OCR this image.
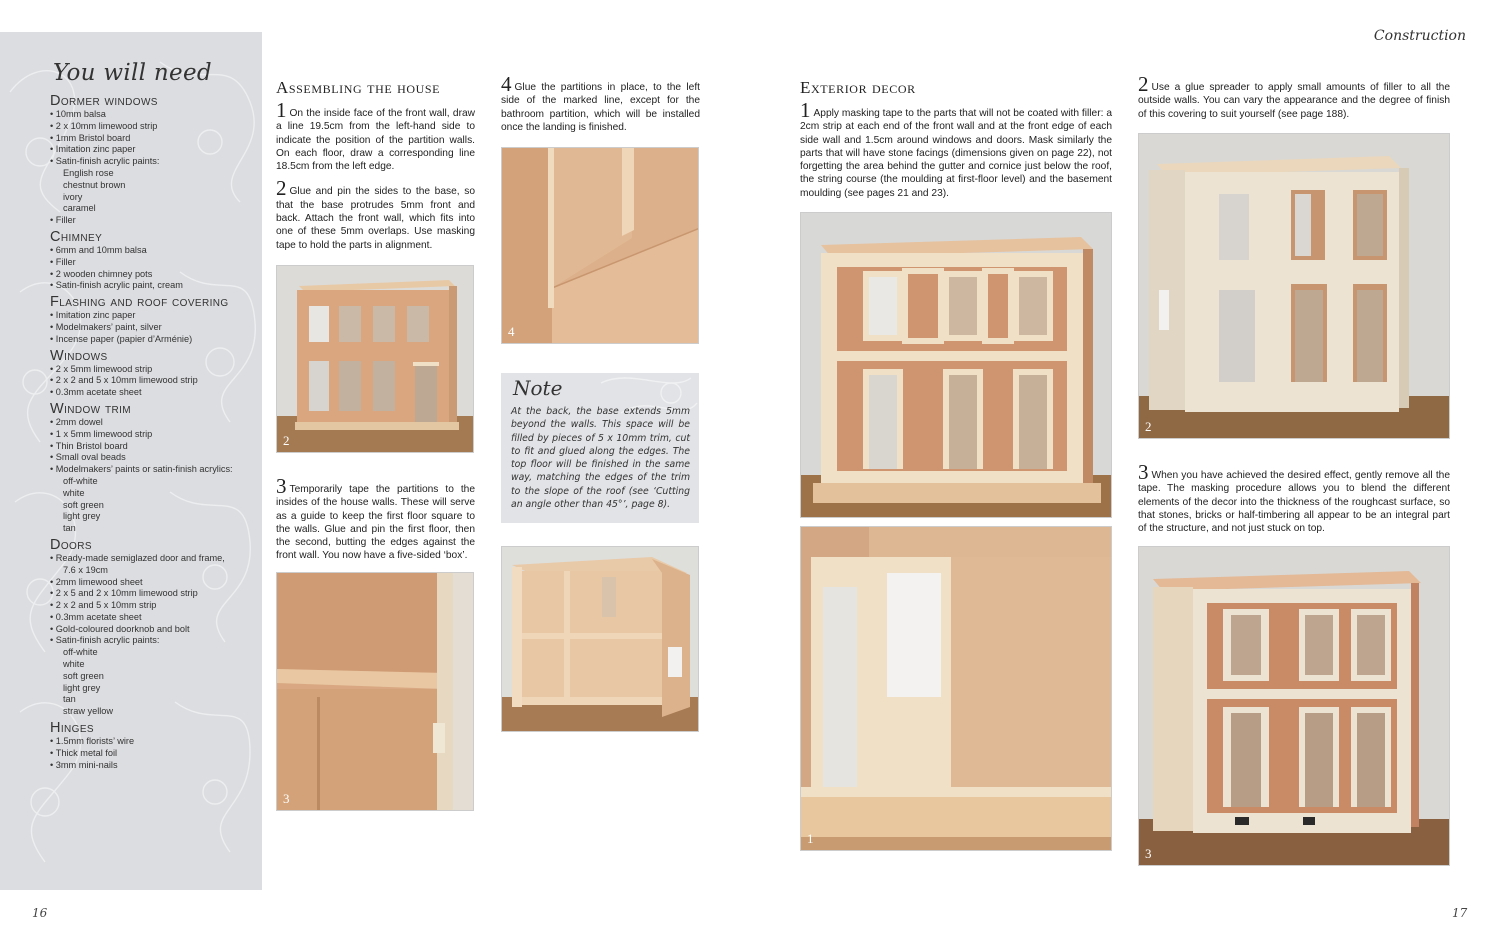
You will need
Dormer windows
• 10mm balsa
• 2 x 10mm limewood strip
• 1mm Bristol board
• Imitation zinc paper
• Satin-finish acrylic paints:
English rose
chestnut brown
ivory
caramel
• Filler
Chimney
• 6mm and 10mm balsa
• Filler
• 2 wooden chimney pots
• Satin-finish acrylic paint, cream
Flashing and roof covering
• Imitation zinc paper
• Modelmakers’ paint, silver
• Incense paper (papier d’Arménie)
Windows
• 2 x 5mm limewood strip
• 2 x 2 and 5 x 10mm limewood strip
• 0.3mm acetate sheet
Window trim
• 2mm dowel
• 1 x 5mm limewood strip
• Thin Bristol board
• Small oval beads
• Modelmakers’ paints or satin-finish acrylics:
off-white
white
soft green
light grey
tan
Doors
• Ready-made semiglazed door and frame,
7.6 x 19cm
• 2mm limewood sheet
• 2 x 5 and 2 x 10mm limewood strip
• 2 x 2 and 5 x 10mm strip
• 0.3mm acetate sheet
• Gold-coloured doorknob and bolt
• Satin-finish acrylic paints:
off-white
white
soft green
light grey
tan
straw yellow
Hinges
• 1.5mm florists’ wire
• Thick metal foil
• 3mm mini-nails
16	17
Construction
Assembling the house

1 On the inside face of the front wall, draw a line 19.5cm from the left-hand side to indicate the position of the partition walls. On each floor, draw a corresponding line 18.5cm from the left edge.

2 Glue and pin the sides to the base, so that the base protrudes 5mm front and back. Attach the front wall, which fits into one of these 5mm overlaps. Use masking tape to hold the parts in alignment.

3 Temporarily tape the partitions to the insides of the house walls. These will serve as a guide to keep the first floor square to the walls. Glue and pin the first floor, then the second, butting the edges against the front wall. You now have a five-sided ‘box’.

4 Glue the partitions in place, to the left side of the marked line, except for the bathroom partition, which will be installed once the landing is finished.

2
3
4
Note
At the back, the base extends 5mm beyond the walls. This space will be filled by pieces of 5 x 10mm trim, cut to fit and glued along the edges. The top floor will be finished in the same way, matching the edges of the trim to the slope of the roof (see ‘Cutting an angle other than 45°’, page 8).
Exterior decor

1 Apply masking tape to the parts that will not be coated with filler: a 2cm strip at each end of the front wall and at the front edge of each side wall and 1.5cm around windows and doors. Mask similarly the parts that will have stone facings (dimensions given on page 22), not forgetting the area behind the gutter and cornice just below the roof, the string course (the moulding at first-floor level) and the basement moulding (see pages 21 and 23).

2 Use a glue spreader to apply small amounts of filler to all the outside walls. You can vary the appearance and the degree of finish of this covering to suit yourself (see page 188).

3 When you have achieved the desired effect, gently remove all the tape. The masking procedure allows you to blend the different elements of the decor into the thickness of the roughcast surface, so that stones, bricks or half-timbering all appear to be an integral part of the structure, and not just stuck on top.

1
2
3
